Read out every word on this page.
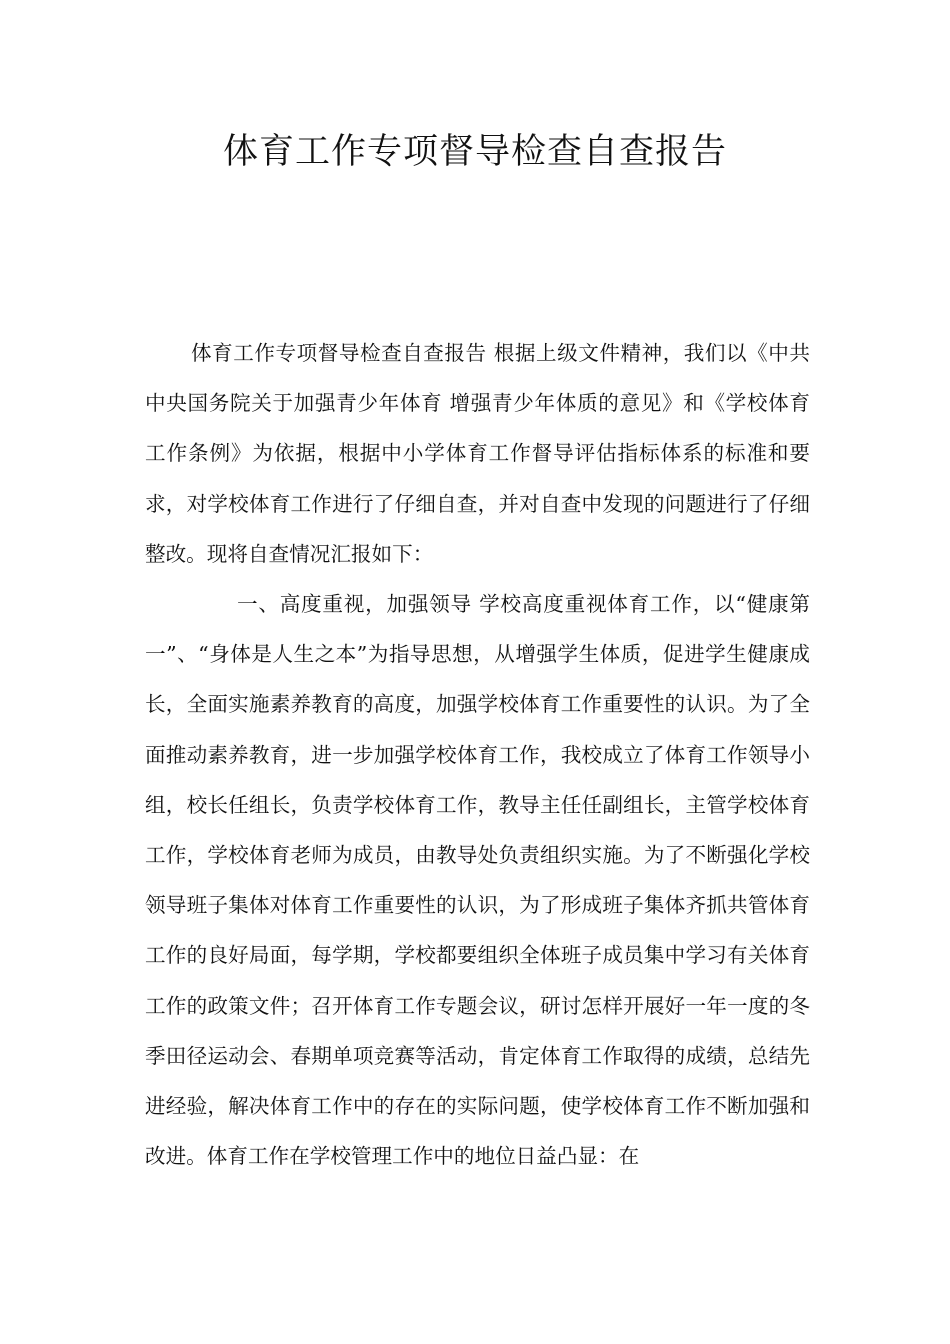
体育工作专项督导检查自查报告

体育工作专项督导检查自查报告 根据上级文件精神，我们以《中共中央国务院关于加强青少年体育 增强青少年体质的意见》和《学校体育工作条例》为依据，根据中小学体育工作督导评估指标体系的标准和要求，对学校体育工作进行了仔细自查，并对自查中发现的问题进行了仔细整改。现将自查情况汇报如下：

一、高度重视，加强领导 学校高度重视体育工作，以“健康第一”、“身体是人生之本”为指导思想，从增强学生体质，促进学生健康成长，全面实施素养教育的高度，加强学校体育工作重要性的认识。为了全面推动素养教育，进一步加强学校体育工作，我校成立了体育工作领导小组，校长任组长，负责学校体育工作，教导主任任副组长，主管学校体育工作，学校体育老师为成员，由教导处负责组织实施。为了不断强化学校领导班子集体对体育工作重要性的认识，为了形成班子集体齐抓共管体育工作的良好局面，每学期，学校都要组织全体班子成员集中学习有关体育工作的政策文件；召开体育工作专题会议，研讨怎样开展好一年一度的冬季田径运动会、春期单项竞赛等活动，肯定体育工作取得的成绩，总结先进经验，解决体育工作中的存在的实际问题，使学校体育工作不断加强和改进。体育工作在学校管理工作中的地位日益凸显：在
